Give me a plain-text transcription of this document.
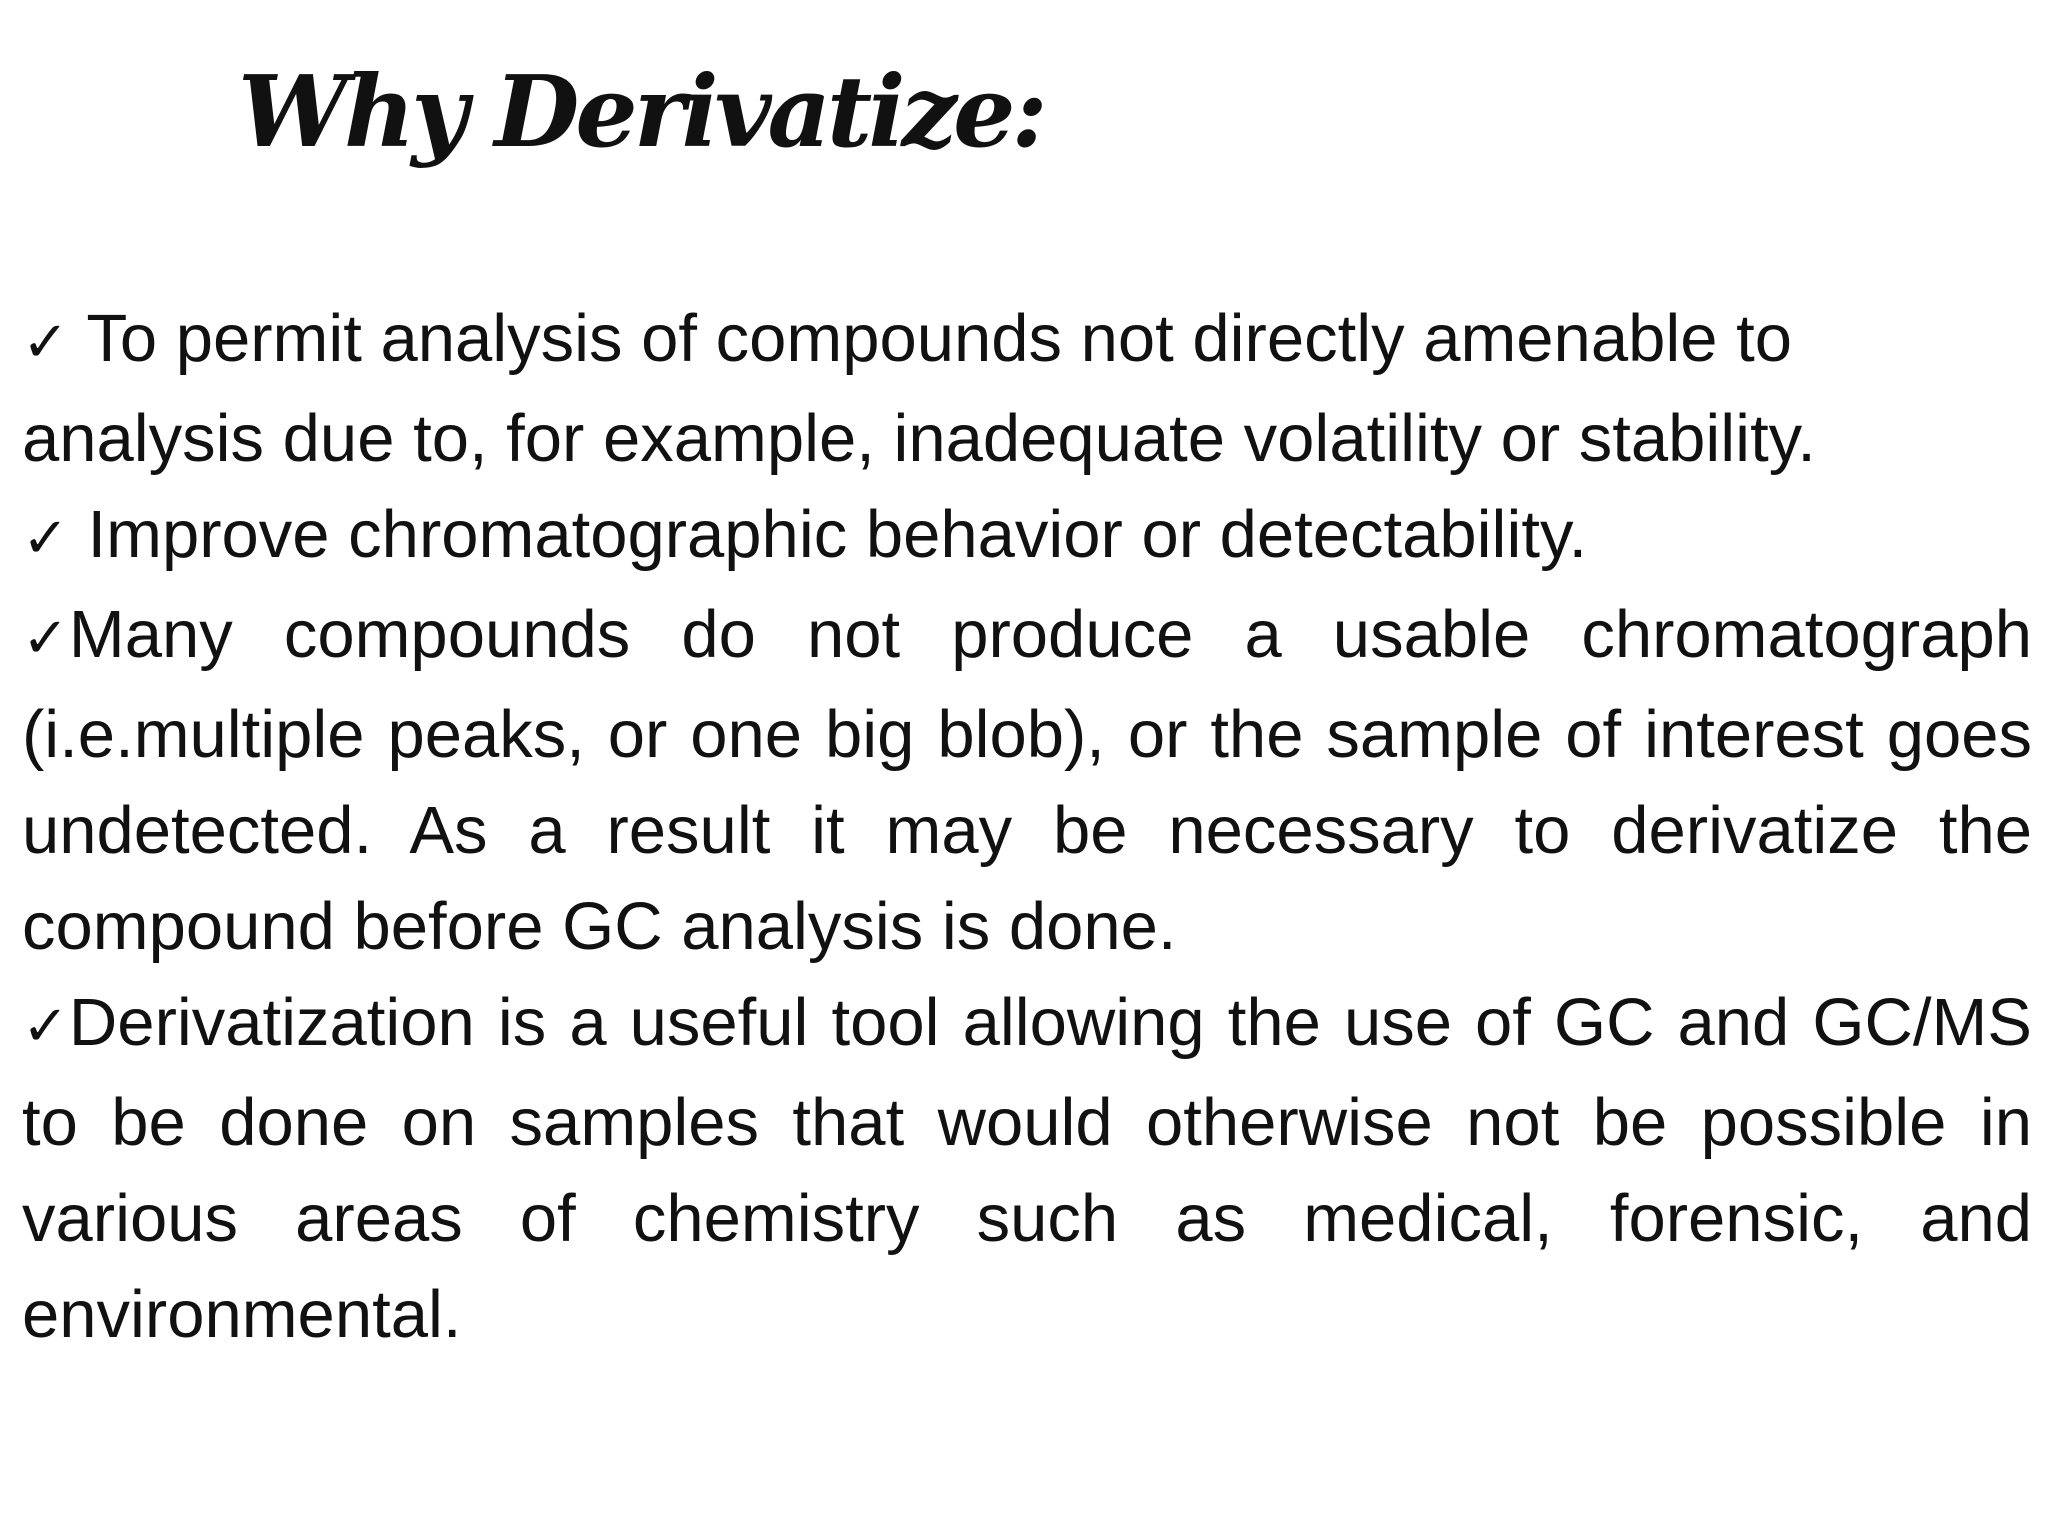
Why Derivatize:
✓ To permit analysis of compounds not directly amenable to analysis due to, for example, inadequate volatility or stability.
✓ Improve chromatographic behavior or detectability.
✓Many compounds do not produce a usable chromatograph (i.e.multiple peaks, or one big blob), or the sample of interest goes undetected. As a result it may be necessary to derivatize the compound before GC analysis is done.
✓Derivatization is a useful tool allowing the use of GC and GC/MS to be done on samples that would otherwise not be possible in various areas of chemistry such as medical, forensic, and environmental.
